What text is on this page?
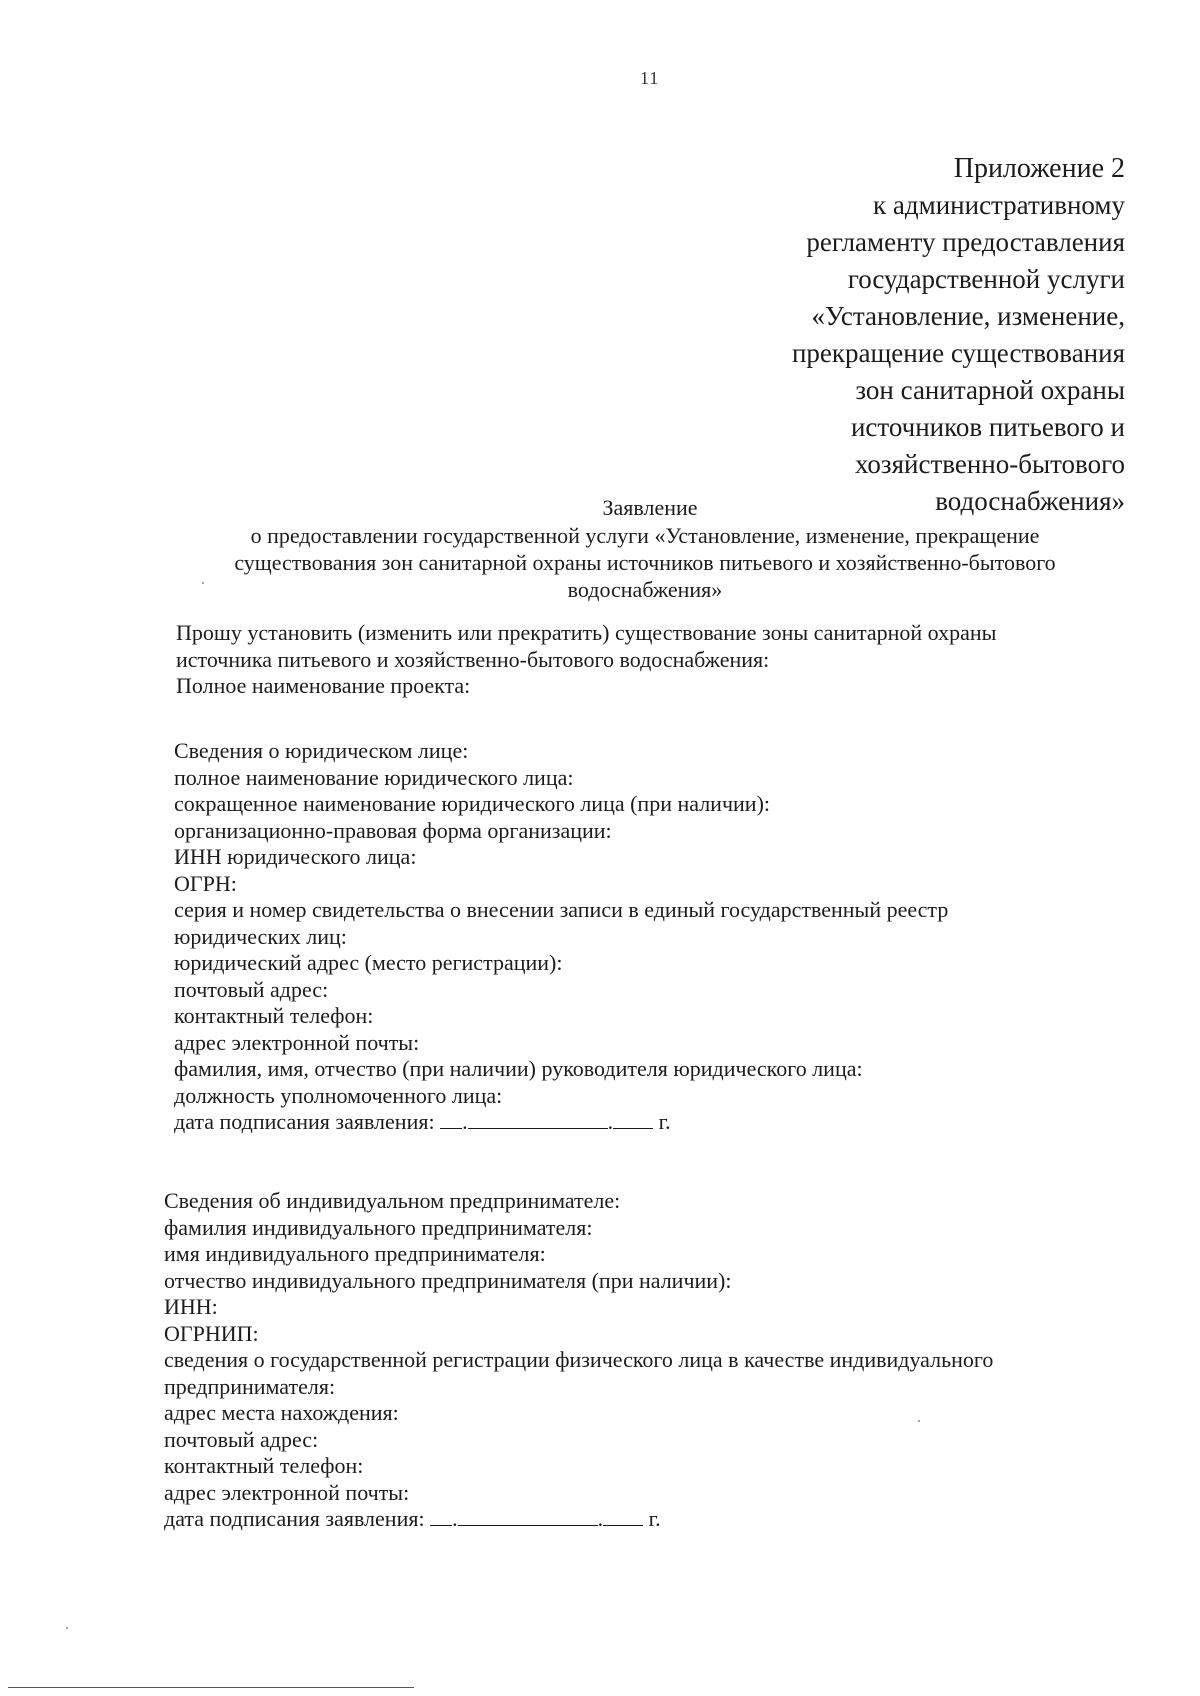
11
Приложение 2
к административному
регламенту предоставления
государственной услуги
«Установление, изменение,
прекращение существования
зон санитарной охраны
источников питьевого и
хозяйственно-бытового
водоснабжения»
Заявление
о предоставлении государственной услуги «Установление, изменение, прекращение
существования зон санитарной охраны источников питьевого и хозяйственно-бытового
водоснабжения»
Прошу установить (изменить или прекратить) существование зоны санитарной охраны
источника питьевого и хозяйственно-бытового водоснабжения:
Полное наименование проекта:
Сведения о юридическом лице:
полное наименование юридического лица:
сокращенное наименование юридического лица (при наличии):
организационно-правовая форма организации:
ИНН юридического лица:
ОГРН:
серия и номер свидетельства о внесении записи в единый государственный реестр
юридических лиц:
юридический адрес (место регистрации):
почтовый адрес:
контактный телефон:
адрес электронной почты:
фамилия, имя, отчество (при наличии) руководителя юридического лица:
должность уполномоченного лица:
дата подписания заявления: .	. г.
Сведения об индивидуальном предпринимателе:
фамилия индивидуального предпринимателя:
имя индивидуального предпринимателя:
отчество индивидуального предпринимателя (при наличии):
ИНН:
ОГРНИП:
сведения о государственной регистрации физического лица в качестве индивидуального
предпринимателя:
адрес места нахождения:
почтовый адрес:
контактный телефон:
адрес электронной почты:
дата подписания заявления: .	. г.
